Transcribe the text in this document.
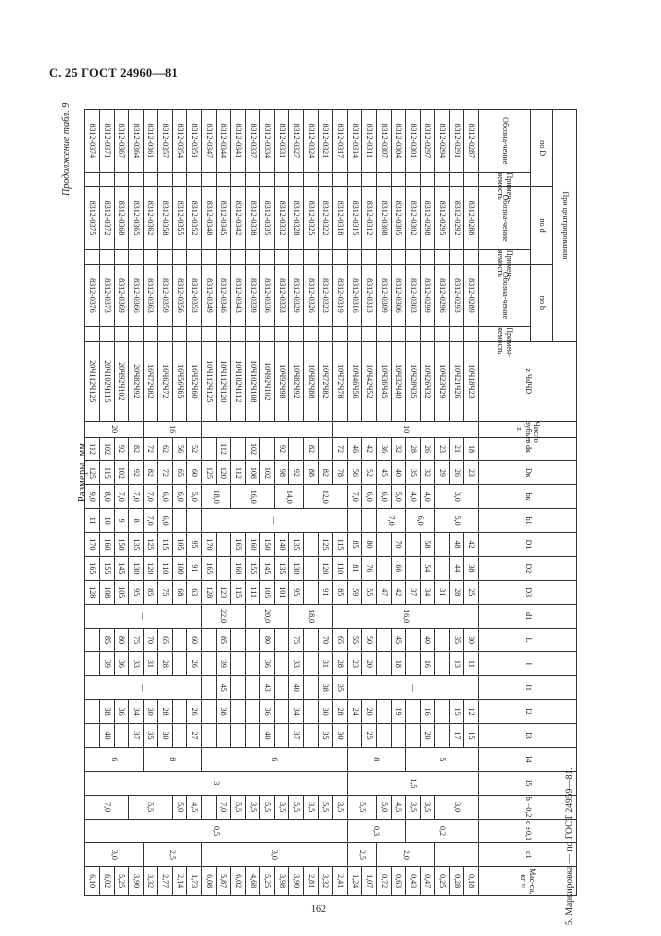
С. 25 ГОСТ 24960—81
Продолжение табл. 9
Размеры, мм
5. Маркировка — по ГОСТ 24959—81.
162
При центрировании						z ЧdЧD	Число зубьев z	dк	Dк	bк	b1	D1	D2	D3	d1	L	l	l1	l2	l3	l4	l5	h −0,2	c ±0,1	c1	Мас-са, кг ≈
по D		по d		по b																						
Обозна-чение	Примен-яемость	Обозна-чение	Примен-яемость	Обозна-чение	Примен-яемость																					
8312-0287		8312-0288		8312-0289		10Ч18Ч23	10	18	23	3,0	5,0	42	38	25	16,0	30	11	—	12	15	5	1,5	3,0	0,2		0,18
8312-0291		8312-0292		8312-0293		10Ч21Ч26		21	26			48	44	28		35	13		15	17						0,28
8312-0294		8312-0295		8312-0296		10Ч23Ч29		23	29					31												0,25
8312-0297		8312-0298		8312-0299		10Ч26Ч32		26	32	4,0	6,0	58	54	34		40	16		16	20			3,5		2,0	0,47
8312-0301		8312-0302		8312-0303		10Ч28Ч35		28	35	4,0				37									3,5			0,43
8312-0304		8312-0305		8312-0306		10Ч32Ч40		32	40	5,0	7,0	70	66	42		45	18		19		8		4,5	0,3		0,63
8312-0307		8312-0308		8312-0309		10Ч36Ч45		36	45	6,0				47									5,0			0,72
8312-0311		8312-0312		8312-0313		10Ч42Ч52		42	52	6,0		80	76	55		50	20		20	25			5,5		2,5	1,07
8312-0314		8312-0315		8312-0316		10Ч46Ч56		46	56	7,0		85	81	59		55	23		24							1,24
8312-0317		8312-0318		8312-0319		10Ч72Ч78		72	78	12,0	—	115	110	85		65	28	35	28	30	6	3	3,5	0,5	3,0	2,41
8312-0321		8312-0322		8312-0323		10Ч72Ч82			82			125	120	91	18,0	70	31	38	30	35			5,5			3,32
8312-0324		8312-0325		8312-0326		10Ч82Ч88		82	88														3,5			2,81
8312-0327		8312-0328		8312-0329		10Ч82Ч92			92	14,0		135	130	95		75	33	40	34	37			5,5			3,90
8312-0331		8312-0332		8312-0333		10Ч92Ч98		92	98			140	135	101	20,0								3,5			3,98
8312-0334		8312-0335		8312-0336		10Ч92Ч102			102	16,0		150	145	105		80	36	43	36	40			5,5			5,25
8312-0337		8312-0338		8312-0339		10Ч102Ч108		102	108			160	155	111									3,5			4,68
8312-0341		8312-0342		8312-0343		10Ч102Ч112			112			165	160	115	22,0								5,5			6,02
8312-0344		8312-0345		8312-0346		10Ч112Ч120		112	120	18,0				123		85	39	45	38				7,0			5,87
8312-0347		8312-0348		8312-0349		10Ч112Ч125			125			170	165	128												6,08
8312-0351		8312-0352		8312-0353		16Ч52Ч60	16	52	60	5,0		95	91	63	—	60	26	—	26	27	8		4,5		2,5	1,73
8312-0354		8312-0355		8312-0356		16Ч56Ч65		56	65	6,0		105	100	68									5,0			2,14
8312-0357		8312-0358		8312-0359		16Ч62Ч72		62	72	6,0	6,0	115	110	75		65	28		28	30			5,5			2,77
8312-0361		8312-0362		8312-0363		16Ч72Ч82		72	82	7,0	7,0	125	120	85		70	31		30	35						3,32
8312-0364		8312-0365		8312-0366		20Ч82Ч92	20	82	92	7,0	8	135	130	95		75	33		34	37	6				3,0	3,90
8312-0367		8312-0368		8312-0369		20Ч92Ч102		92	102	7,0	9	150	145	105		80	36		36				7,0			5,25
8312-0371		8312-0372		8312-0373		20Ч102Ч115		102	115	8,0	10	160	155	108		85	39		38	40						6,02
8312-0374		8312-0375		8312-0376		20Ч112Ч125		112	125	9,0	11	170	165	128												6,10
